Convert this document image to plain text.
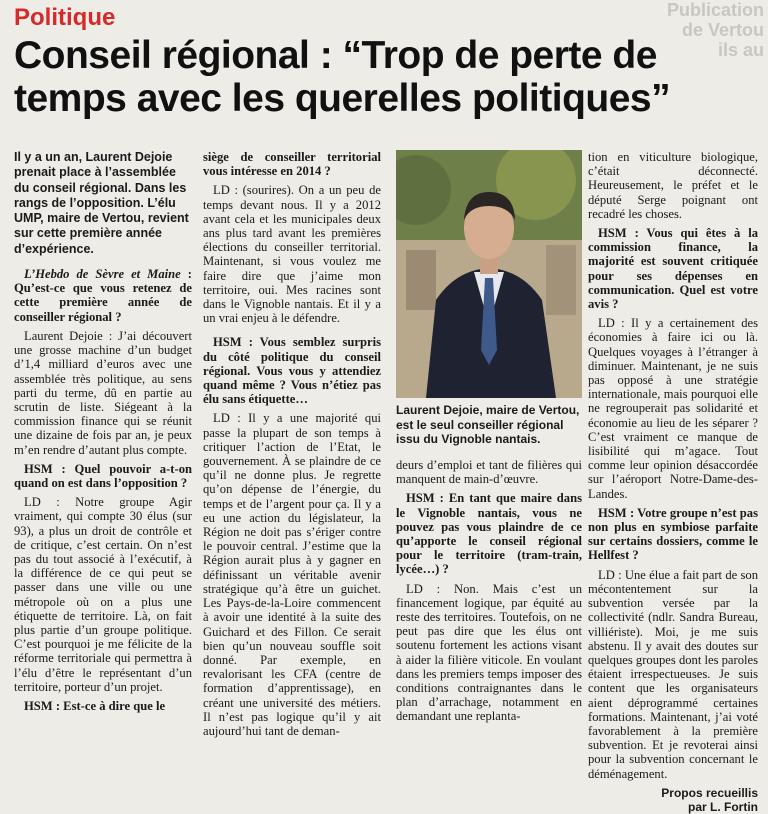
Publication
de Vertou
ils au
Politique
Conseil régional : “Trop de perte de temps avec les querelles politiques”
Il y a un an, Laurent Dejoie prenait place à l’assemblée du conseil régional. Dans les rangs de l’opposition. L’élu UMP, maire de Vertou, revient sur cette première année d’expérience.

L’Hebdo de Sèvre et Maine : Qu’est-ce que vous retenez de cette première année de conseiller régional ?

Laurent Dejoie : J’ai découvert une grosse machine d’un budget d’1,4 milliard d’euros avec une assemblée très politique, au sens parti du terme, dû en partie au scrutin de liste. Siégeant à la commission finance qui se réunit une dizaine de fois par an, je peux m’en rendre d’autant plus compte.

HSM : Quel pouvoir a-t-on quand on est dans l’opposition ?

LD : Notre groupe Agir vraiment, qui compte 30 élus (sur 93), a plus un droit de contrôle et de critique, c’est certain. On n’est pas du tout associé à l’exécutif, à la différence de ce qui peut se passer dans une ville ou une métropole où on a plus une étiquette de territoire. Là, on fait plus partie d’un groupe politique. C’est pourquoi je me félicite de la réforme territoriale qui permettra à l’élu d’être le représentant d’un territoire, porteur d’un projet.

HSM : Est-ce à dire que le

siège de conseiller territorial vous intéresse en 2014 ?

LD : (sourires). On a un peu de temps devant nous. Il y a 2012 avant cela et les municipales deux ans plus tard avant les premières élections du conseiller territorial. Maintenant, si vous voulez me faire dire que j’aime mon territoire, oui. Mes racines sont dans le Vignoble nantais. Et il y a un vrai enjeu à le défendre.

HSM : Vous semblez surpris du côté politique du conseil régional. Vous vous y attendiez quand même ? Vous n’étiez pas élu sans étiquette…

LD : Il y a une majorité qui passe la plupart de son temps à critiquer l’action de l’Etat, le gouvernement. À se plaindre de ce qu’il ne donne plus. Je regrette qu’on dépense de l’énergie, du temps et de l’argent pour ça. Il y a eu une action du législateur, la Région ne doit pas s’ériger contre le pouvoir central. J’estime que la Région aurait plus à y gagner en définissant un véritable avenir stratégique qu’à être un guichet. Les Pays-de-la-Loire commencent à avoir une identité à la suite des Guichard et des Fillon. Ce serait bien qu’un nouveau souffle soit donné. Par exemple, en revalorisant les CFA (centre de formation d’apprentissage), en créant une université des métiers. Il n’est pas logique qu’il y ait aujourd’hui tant de deman-

Laurent Dejoie, maire de Vertou, est le seul conseiller régional issu du Vignoble nantais.

deurs d’emploi et tant de filières qui manquent de main-d’œuvre.

HSM : En tant que maire dans le Vignoble nantais, vous ne pouvez pas vous plaindre de ce qu’apporte le conseil régional pour le territoire (tram-train, lycée…) ?

LD : Non. Mais c’est un financement logique, par équité au reste des territoires. Toutefois, on ne peut pas dire que les élus ont soutenu fortement les actions visant à aider la filière viticole. En voulant dans les premiers temps imposer des conditions contraignantes dans le plan d’arrachage, notamment en demandant une replanta-

tion en viticulture biologique, c’était déconnecté. Heureusement, le préfet et le député Serge poignant ont recadré les choses.

HSM : Vous qui êtes à la commission finance, la majorité est souvent critiquée pour ses dépenses en communication. Quel est votre avis ?

LD : Il y a certainement des économies à faire ici ou là. Quelques voyages à l’étranger à diminuer. Maintenant, je ne suis pas opposé à une stratégie internationale, mais pourquoi elle ne regrouperait pas solidarité et économie au lieu de les séparer ? C’est vraiment ce manque de lisibilité qui m’agace. Tout comme leur opinion désaccordée sur l’aéroport Notre-Dame-des-Landes.

HSM : Votre groupe n’est pas non plus en symbiose parfaite sur certains dossiers, comme le Hellfest ?

LD : Une élue a fait part de son mécontentement sur la subvention versée par la collectivité (ndlr. Sandra Bureau, villiériste). Moi, je me suis abstenu. Il y avait des doutes sur quelques groupes dont les paroles étaient irrespectueuses. Je suis content que les organisateurs aient déprogrammé certaines formations. Maintenant, j’ai voté favorablement à la première subvention. Et je revoterai ainsi pour la subvention concernant le déménagement.

Propos recueillis
par L. Fortin
